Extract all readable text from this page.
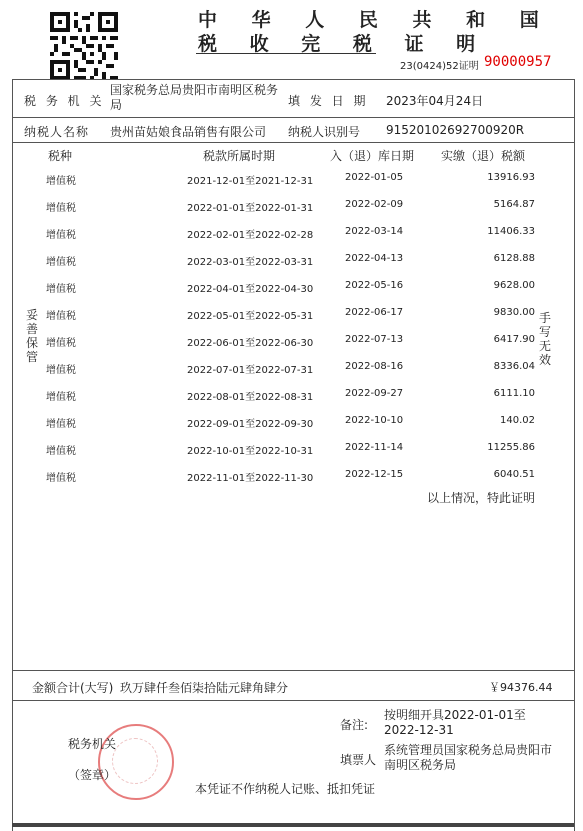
中 华 人 民 共 和 国
税 收 完 税 证 明
23(0424)52证明 90000957
税 务 机 关
国家税务总局贵阳市南明区税务局	填 发 日 期 2023年04月24日
纳税人名称 贵州苗姑娘食品销售有限公司 纳税人识别号 91520102692700920R
税种	税款所属时期	入（退）库日期 实缴（退）税额
增值税	2021-12-01至2021-12-31	2022-01-05	13916.93
增值税	2022-01-01至2022-01-31	2022-02-09	5164.87
增值税	2022-02-01至2022-02-28	2022-03-14	11406.33
增值税	2022-03-01至2022-03-31	2022-04-13	6128.88
增值税	2022-04-01至2022-04-30	2022-05-16	9628.00
增值税	2022-05-01至2022-05-31	2022-06-17	9830.00
增值税	2022-06-01至2022-06-30	2022-07-13	6417.90
增值税	2022-07-01至2022-07-31	2022-08-16	8336.04
增值税	2022-08-01至2022-08-31	2022-09-27	6111.10
增值税	2022-09-01至2022-09-30	2022-10-10	140.02
增值税	2022-10-01至2022-10-31	2022-11-14	11255.86
增值税	2022-11-01至2022-11-30	2022-12-15	6040.51
以上情况，特此证明
妥
善
保
管
手
写
无
效
金额合计(大写) 玖万肆仟叁佰柒拾陆元肆角肆分	￥94376.44
税务机关
（签章）
备注:
按明细开具2022-01-01至2022-12-31
填票人
系统管理员国家税务总局贵阳市南明区税务局
本凭证不作纳税人记账、抵扣凭证
